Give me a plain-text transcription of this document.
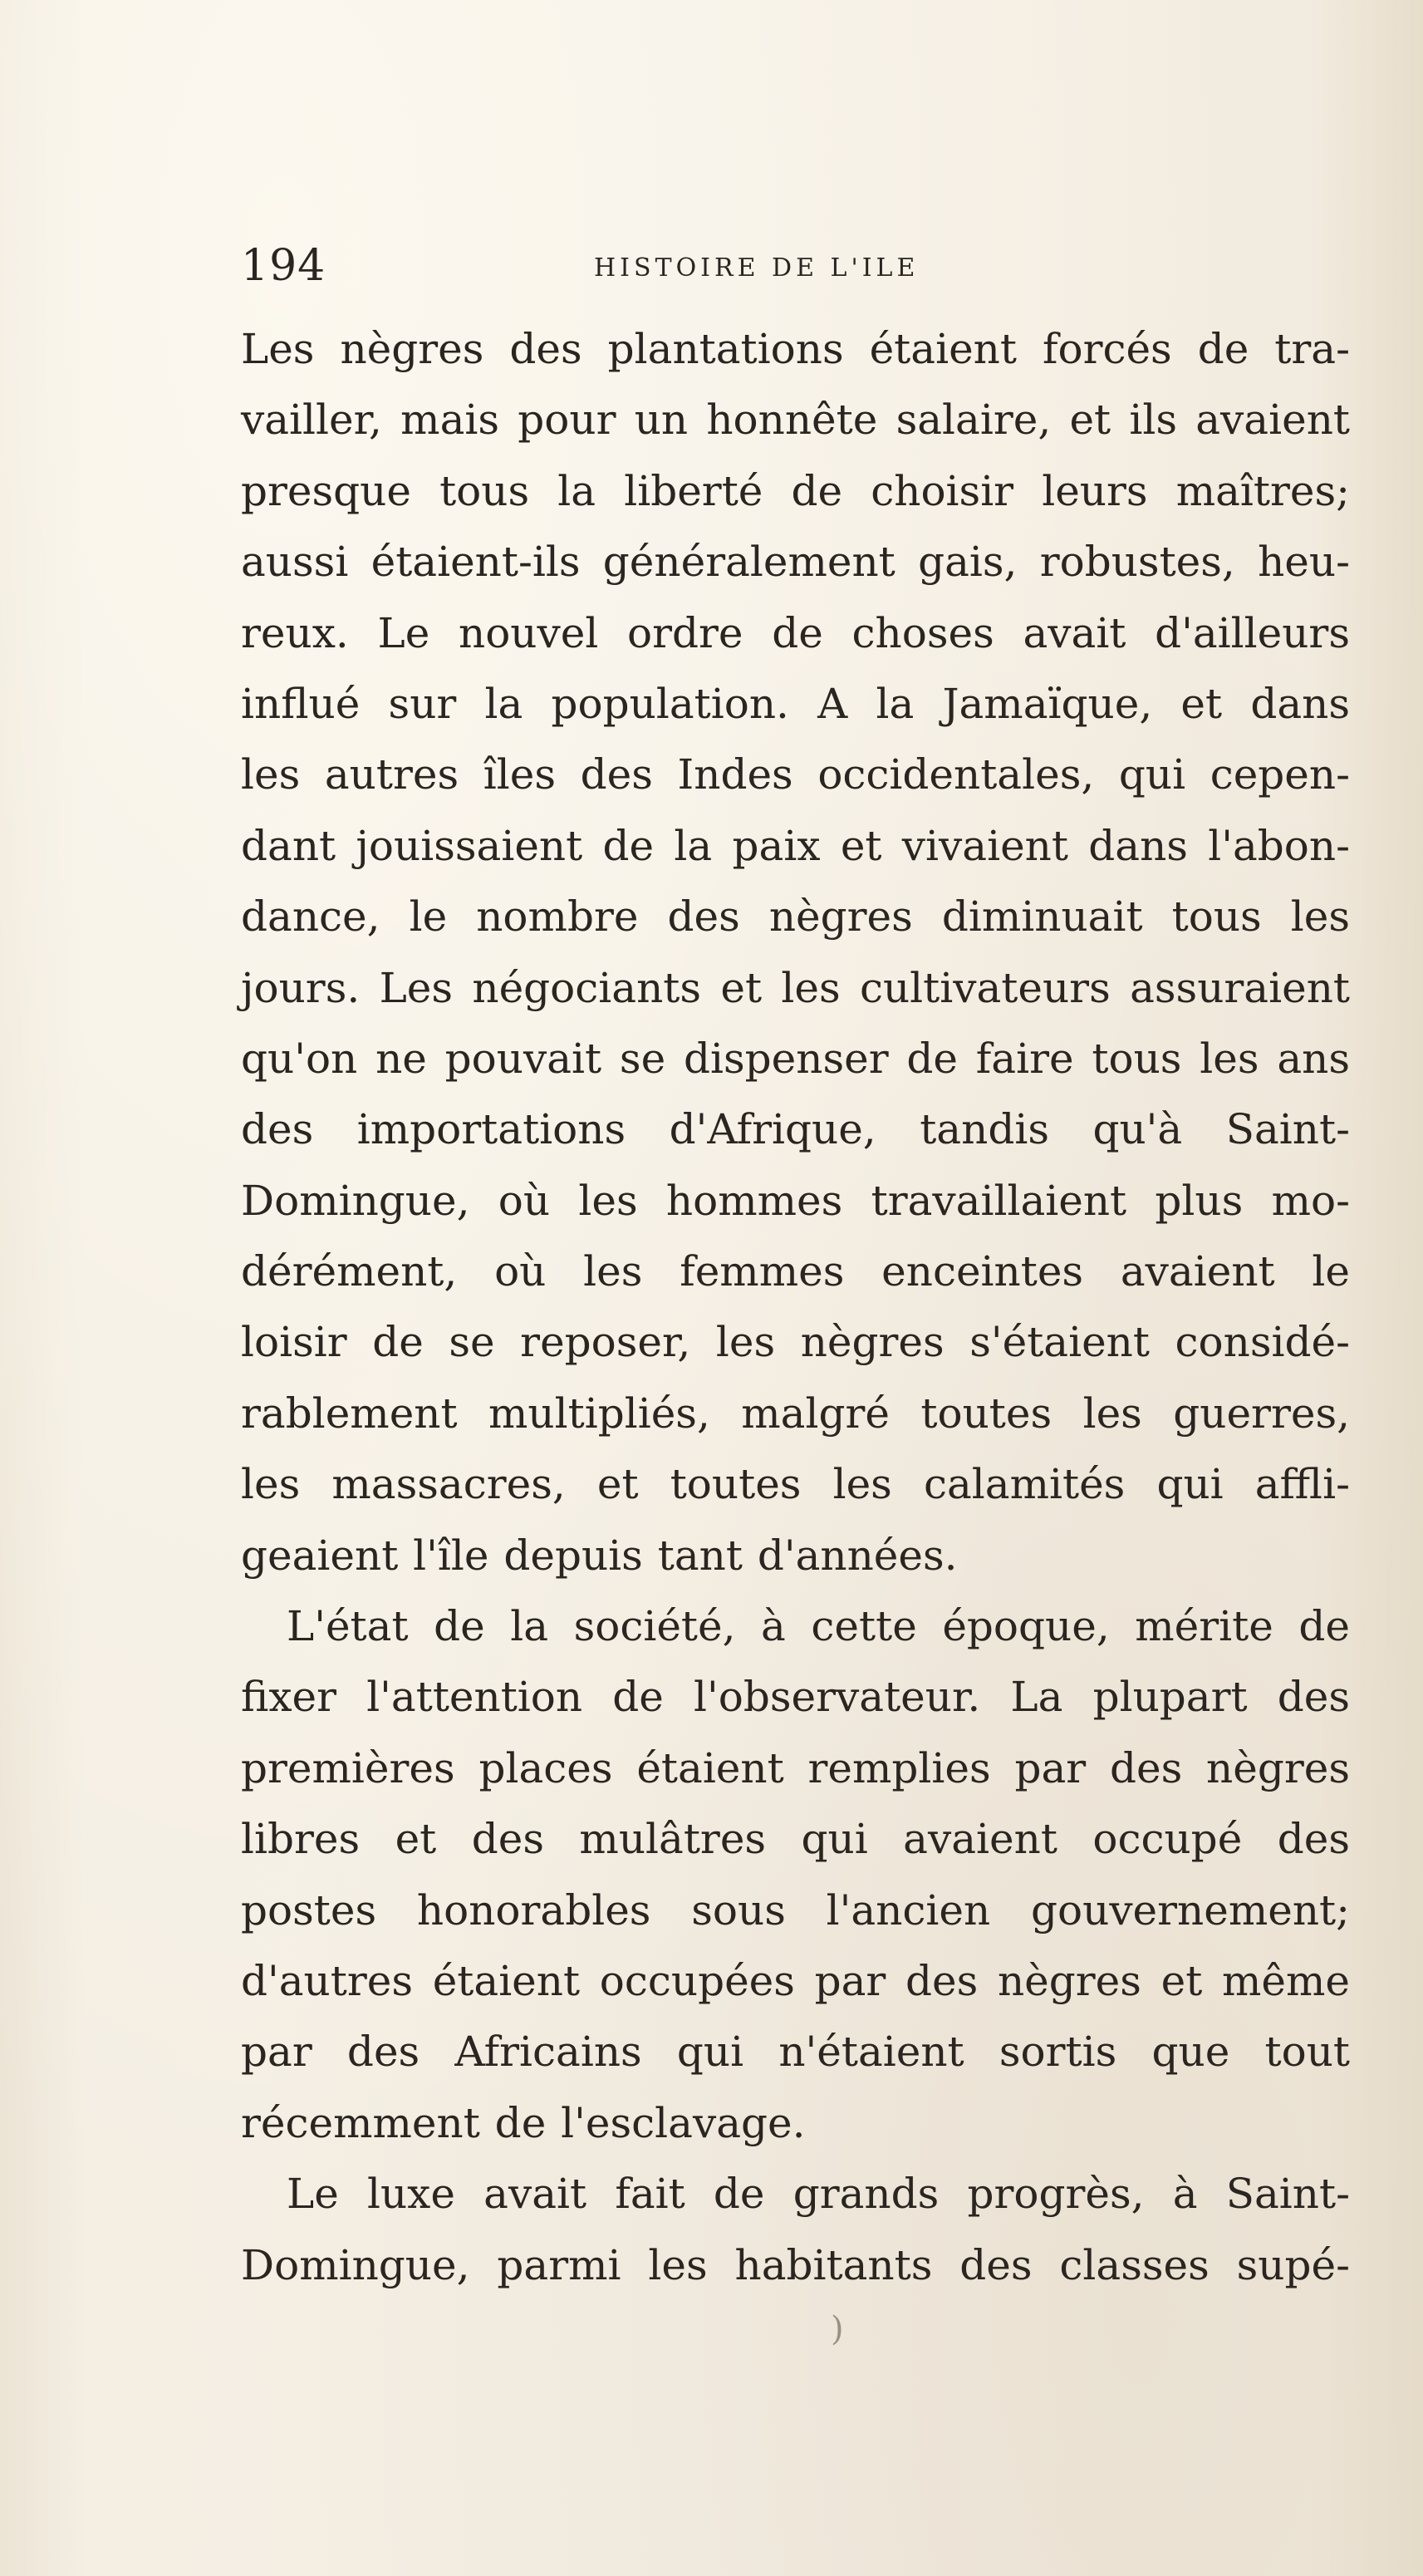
194	HISTOIRE DE L'ILE
Les nègres des plantations étaient forcés de tra-
vailler, mais pour un honnête salaire, et ils avaient
presque tous la liberté de choisir leurs maîtres;
aussi étaient-ils généralement gais, robustes, heu-
reux. Le nouvel ordre de choses avait d'ailleurs
influé sur la population. A la Jamaïque, et dans
les autres îles des Indes occidentales, qui cepen-
dant jouissaient de la paix et vivaient dans l'abon-
dance, le nombre des nègres diminuait tous les
jours. Les négociants et les cultivateurs assuraient
qu'on ne pouvait se dispenser de faire tous les ans
des importations d'Afrique, tandis qu'à Saint-
Domingue, où les hommes travaillaient plus mo-
dérément, où les femmes enceintes avaient le
loisir de se reposer, les nègres s'étaient considé-
rablement multipliés, malgré toutes les guerres,
les massacres, et toutes les calamités qui affli-
geaient l'île depuis tant d'années.
L'état de la société, à cette époque, mérite de
fixer l'attention de l'observateur. La plupart des
premières places étaient remplies par des nègres
libres et des mulâtres qui avaient occupé des
postes honorables sous l'ancien gouvernement;
d'autres étaient occupées par des nègres et même
par des Africains qui n'étaient sortis que tout
récemment de l'esclavage.
Le luxe avait fait de grands progrès, à Saint-
Domingue, parmi les habitants des classes supé-
)
